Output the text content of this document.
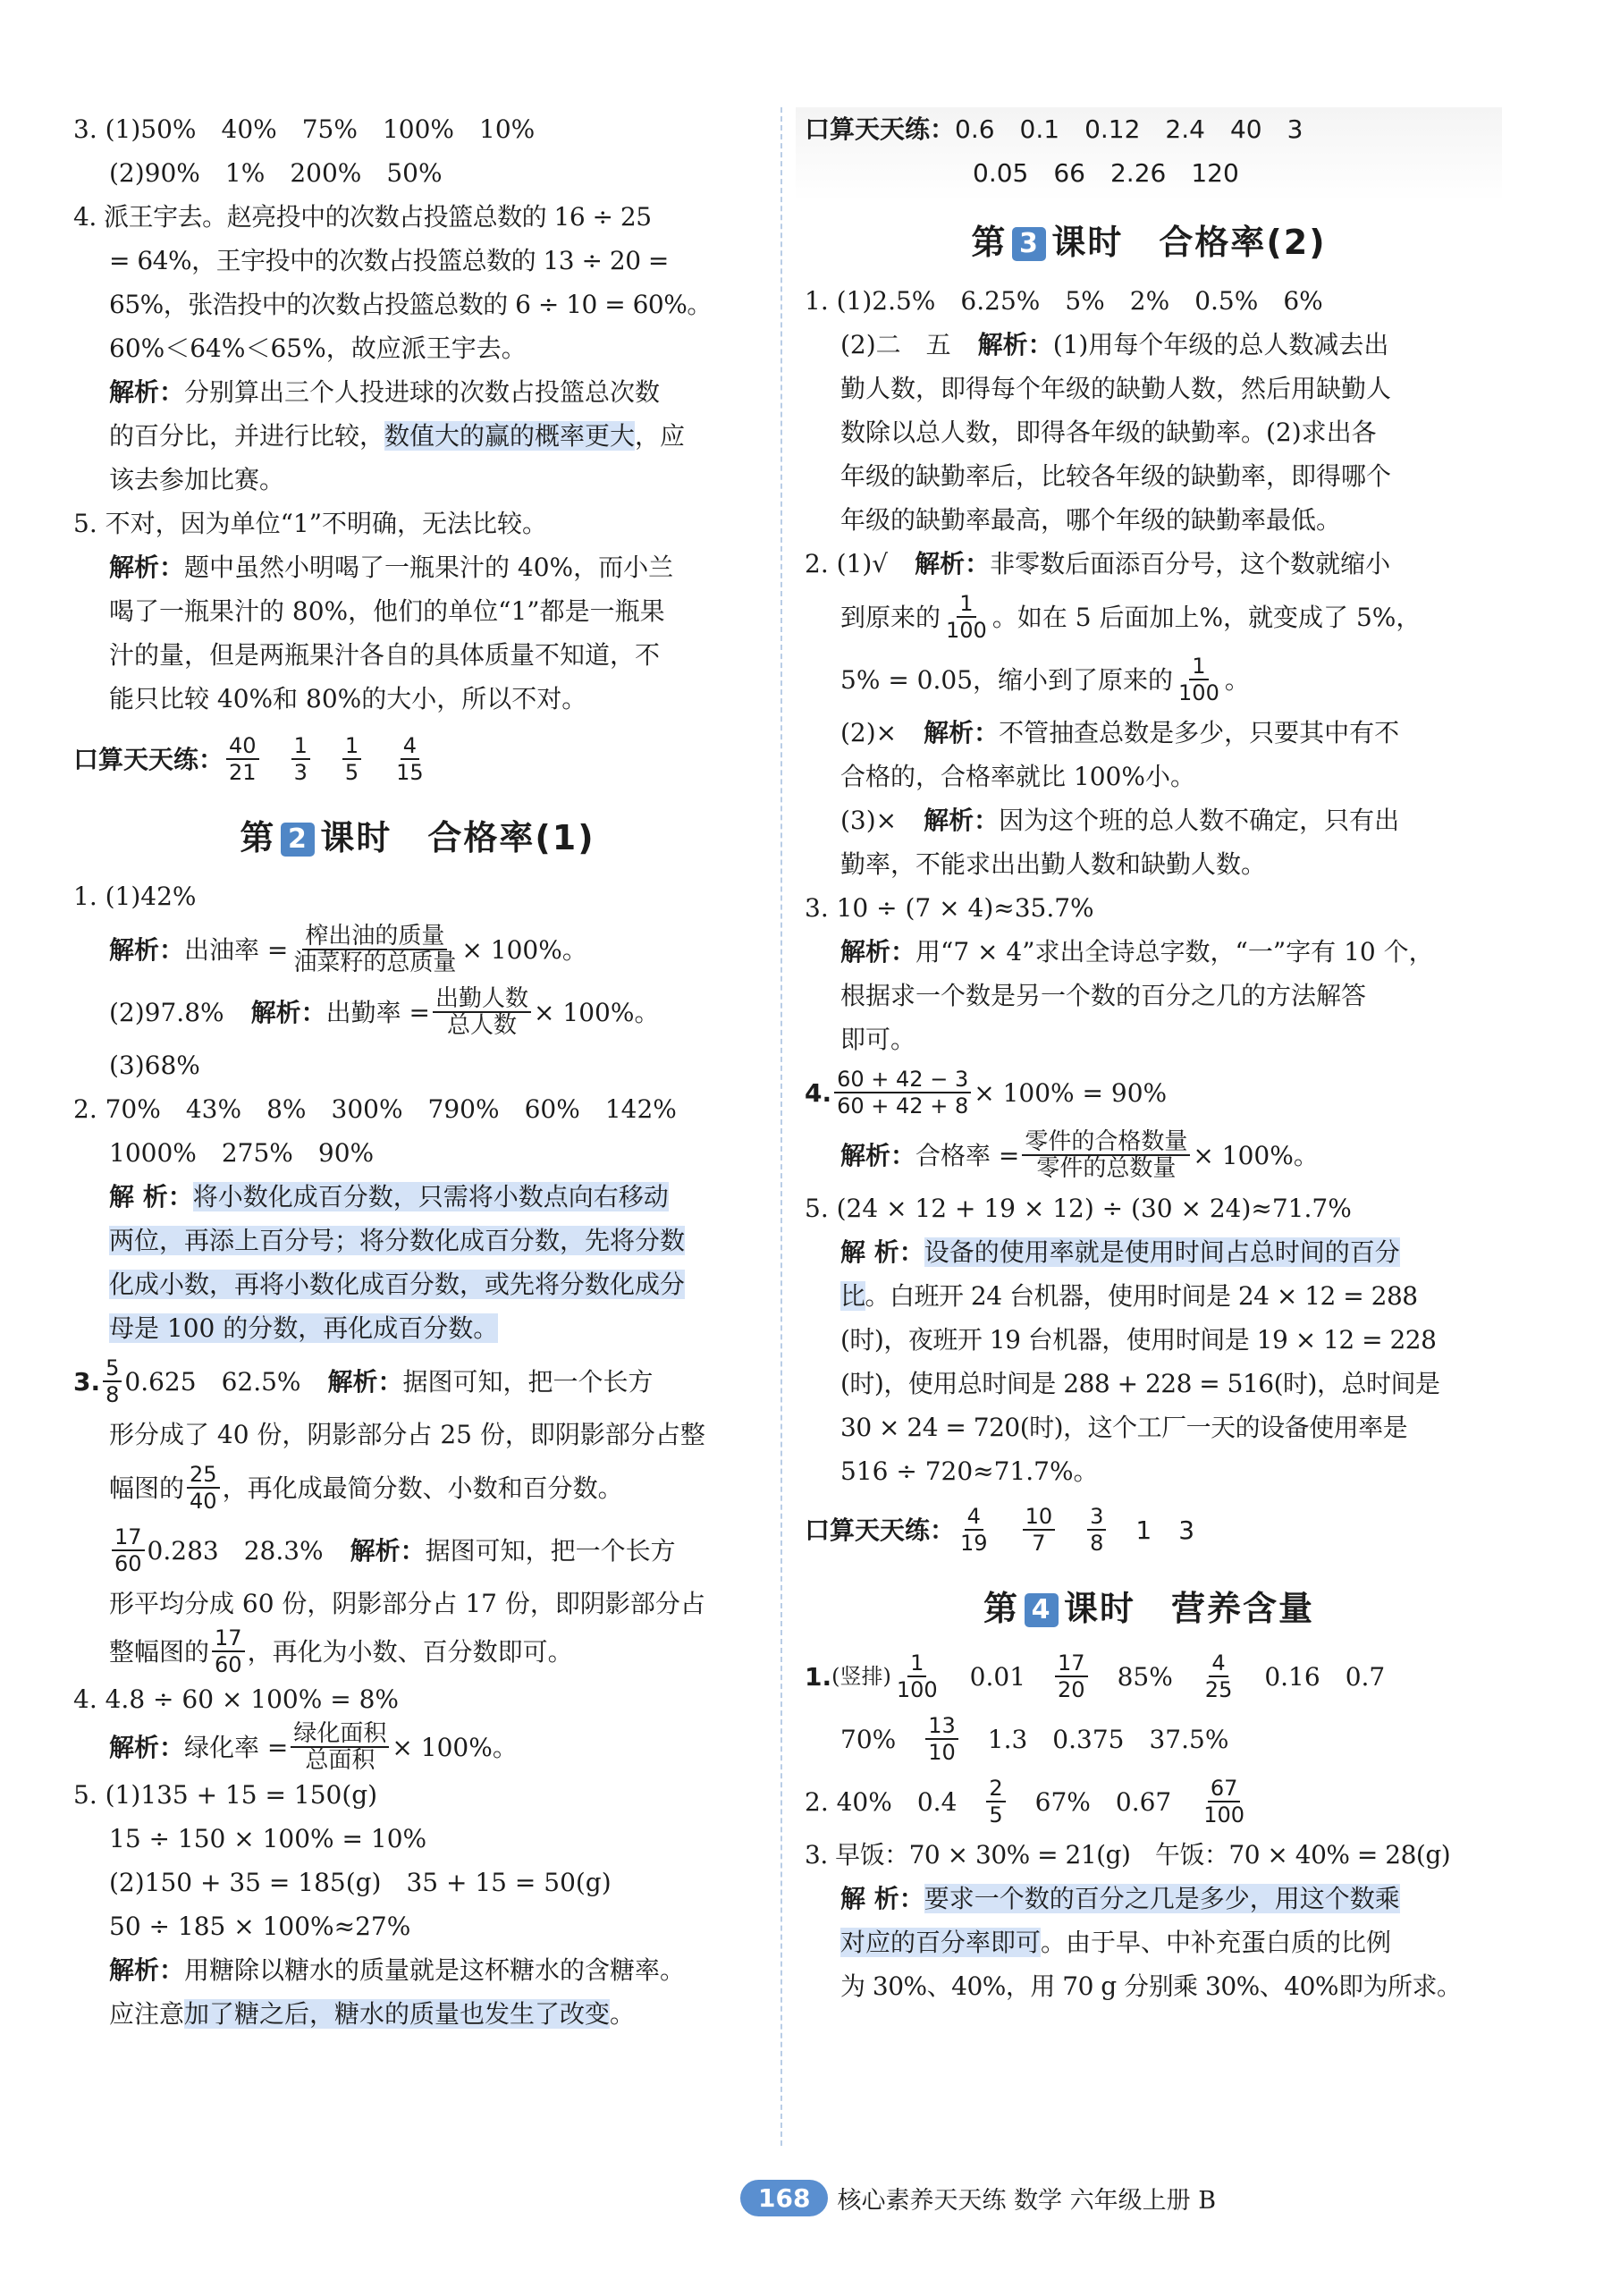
3. (1)50%　40%　75%　100%　10%
(2)90%　1%　200%　50%
4. 派王宇去。赵亮投中的次数占投篮总数的 16 ÷ 25
= 64%，王宇投中的次数占投篮总数的 13 ÷ 20 =
65%，张浩投中的次数占投篮总数的 6 ÷ 10 = 60%。
60%＜64%＜65%，故应派王宇去。
解析：分别算出三个人投进球的次数占投篮总次数
的百分比，并进行比较，数值大的赢的概率更大，应
该去参加比赛。
5. 不对，因为单位“1”不明确，无法比较。
解析：题中虽然小明喝了一瓶果汁的 40%，而小兰
喝了一瓶果汁的 80%，他们的单位“1”都是一瓶果
汁的量，但是两瓶果汁各自的具体质量不知道，不
能只比较 40%和 80%的大小，所以不对。
口算天天练： $\frac{40}{21} \frac{1}{3} \frac{1}{5} \frac{4}{15}$
第 2 课时　合格率(1)
1. (1)42%
解析： 出油率 = $\frac{\text{榨出油的质量}}{\text{油菜籽的总质量}} \times 100\%$。
(2)97.8% 解析： 出勤率 = $\frac{\text{出勤人数}}{\text{总人数}} \times 100\%$。
(3)68%
2. 70%　43%　8%　300%　790%　60%　142%
1000%　275%　90%
解 析：将小数化成百分数，只需将小数点向右移动
两位，再添上百分号；将分数化成百分数，先将分数
化成小数，再将小数化成百分数，或先将分数化成分
母是 100 的分数，再化成百分数。
3. $\frac{5}{8} 0.625$　62.5% 解析： 据图可知，把一个长方
形分成了 40 份，阴影部分占 25 份，即阴影部分占整
幅图的 $\frac{25}{40}$ ，再化成最简分数、小数和百分数。
$\frac{17}{60} 0.283$　28.3% 解析： 据图可知，把一个长方
形平均分成 60 份，阴影部分占 17 份，即阴影部分占
整幅图的 $\frac{17}{60}$ ，再化为小数、百分数即可。
4. 4.8 ÷ 60 × 100% = 8%
解析： 绿化率 = $\frac{\text{绿化面积}}{\text{总面积}} \times 100\%$。
5. (1)135 + 15 = 150(g)
15 ÷ 150 × 100% = 10%
(2)150 + 35 = 185(g)　35 + 15 = 50(g)
50 ÷ 185 × 100%≈27%
解析：用糖除以糖水的质量就是这杯糖水的含糖率。
应注意加了糖之后，糖水的质量也发生了改变。
口算天天练：0.6　0.1　0.12　2.4　40　3
0.05　66　2.26　120
第 3 课时　合格率(2)
1. (1)2.5%　6.25%　5%　2%　0.5%　6%
(2)二　五 解析：(1)用每个年级的总人数减去出
勤人数，即得每个年级的缺勤人数，然后用缺勤人
数除以总人数，即得各年级的缺勤率。(2)求出各
年级的缺勤率后，比较各年级的缺勤率，即得哪个
年级的缺勤率最高，哪个年级的缺勤率最低。
2. (1)√ 解析：非零数后面添百分号，这个数就缩小
到原来的 $\frac{1}{100}$ 。如在 5 后面加上%，就变成了 5%，
5% = 0.05，缩小到了原来的 $\frac{1}{100}$ 。
(2)× 解析：不管抽查总数是多少，只要其中有不
合格的，合格率就比 100%小。
(3)× 解析：因为这个班的总人数不确定，只有出
勤率，不能求出出勤人数和缺勤人数。
3. 10 ÷ (7 × 4)≈35.7%
解析：用“7 × 4”求出全诗总字数，“一”字有 10 个，
根据求一个数是另一个数的百分之几的方法解答
即可。
4. $\frac{60 + 42 - 3}{60 + 42 + 8} \times 100\% = 90\%$
解析： 合格率 = $\frac{\text{零件的合格数量}}{\text{零件的总数量}} \times 100\%$。
5. (24 × 12 + 19 × 12) ÷ (30 × 24)≈71.7%
解 析：设备的使用率就是使用时间占总时间的百分
比。白班开 24 台机器，使用时间是 24 × 12 = 288
(时)，夜班开 19 台机器，使用时间是 19 × 12 = 228
(时)，使用总时间是 288 + 228 = 516(时)，总时间是
30 × 24 = 720(时)，这个工厂一天的设备使用率是
516 ÷ 720≈71.7%。
口算天天练： $\frac{4}{19} \frac{10}{7} \frac{3}{8} 1$ 3
第 4 课时　营养含量
1. (竖排) $\frac{1}{100} 0.01 \frac{17}{20} 85\% \frac{4}{25} 0.16$　0.7
$70\% \frac{13}{10} 1.3$　0.375　37.5%
2. 40%　$0.4 \frac{2}{5} 67\%$　$0.67 \frac{67}{100}$
3. 早饭：70 × 30% = 21(g)　午饭：70 × 40% = 28(g)
解 析：要求一个数的百分之几是多少，用这个数乘
对应的百分率即可。由于早、中补充蛋白质的比例
为 30%、40%，用 70 g 分别乘 30%、40%即为所求。
168	核心素养天天练 数学 六年级上册 B
